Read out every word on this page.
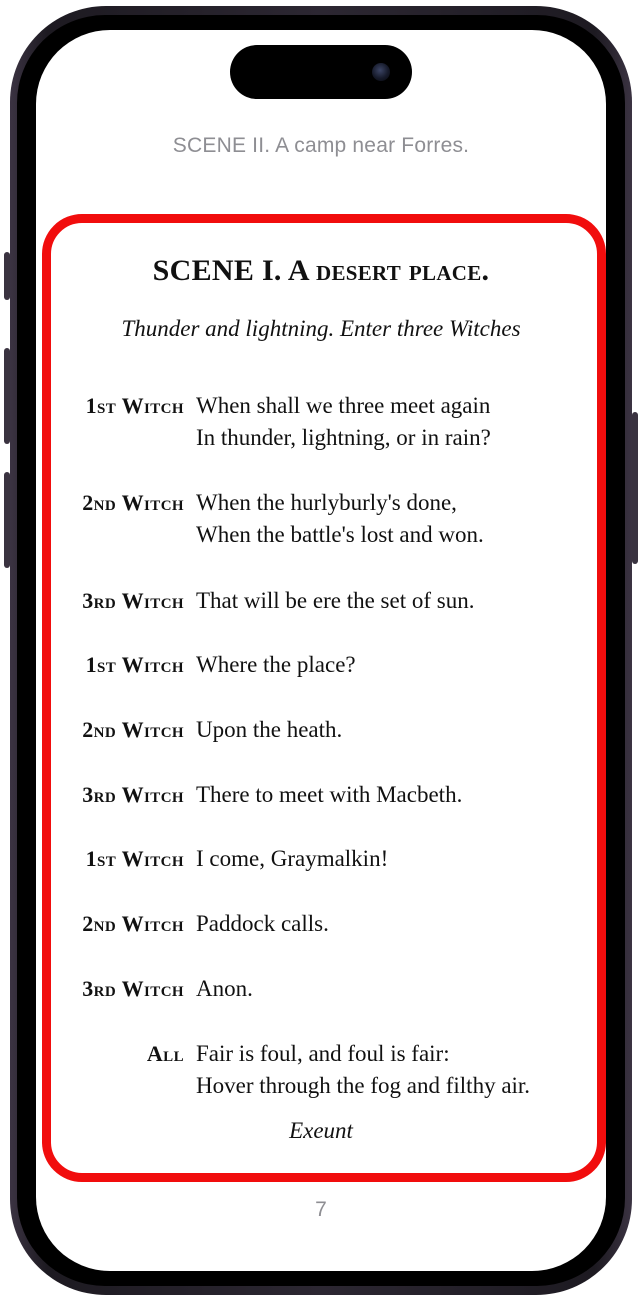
SCENE II. A camp near Forres.
SCENE I. A desert place.
Thunder and lightning. Enter three Witches
1st Witch When shall we three meet again
In thunder, lightning, or in rain?
2nd Witch When the hurlyburly's done,
When the battle's lost and won.
3rd Witch That will be ere the set of sun.
1st Witch Where the place?
2nd Witch Upon the heath.
3rd Witch There to meet with Macbeth.
1st Witch I come, Graymalkin!
2nd Witch Paddock calls.
3rd Witch Anon.
All Fair is foul, and foul is fair:
Hover through the fog and filthy air.
Exeunt
7
